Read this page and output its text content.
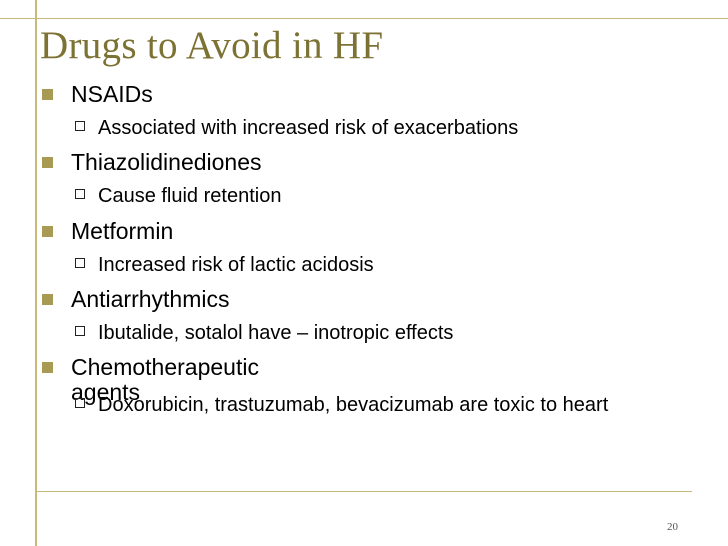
Drugs to Avoid in HF
NSAIDs
Associated with increased risk of exacerbations
Thiazolidinediones
Cause fluid retention
Metformin
Increased risk of lactic acidosis
Antiarrhythmics
Ibutalide, sotalol have – inotropic effects
Chemotherapeutic agents
Doxorubicin, trastuzumab, bevacizumab are toxic to heart
20
